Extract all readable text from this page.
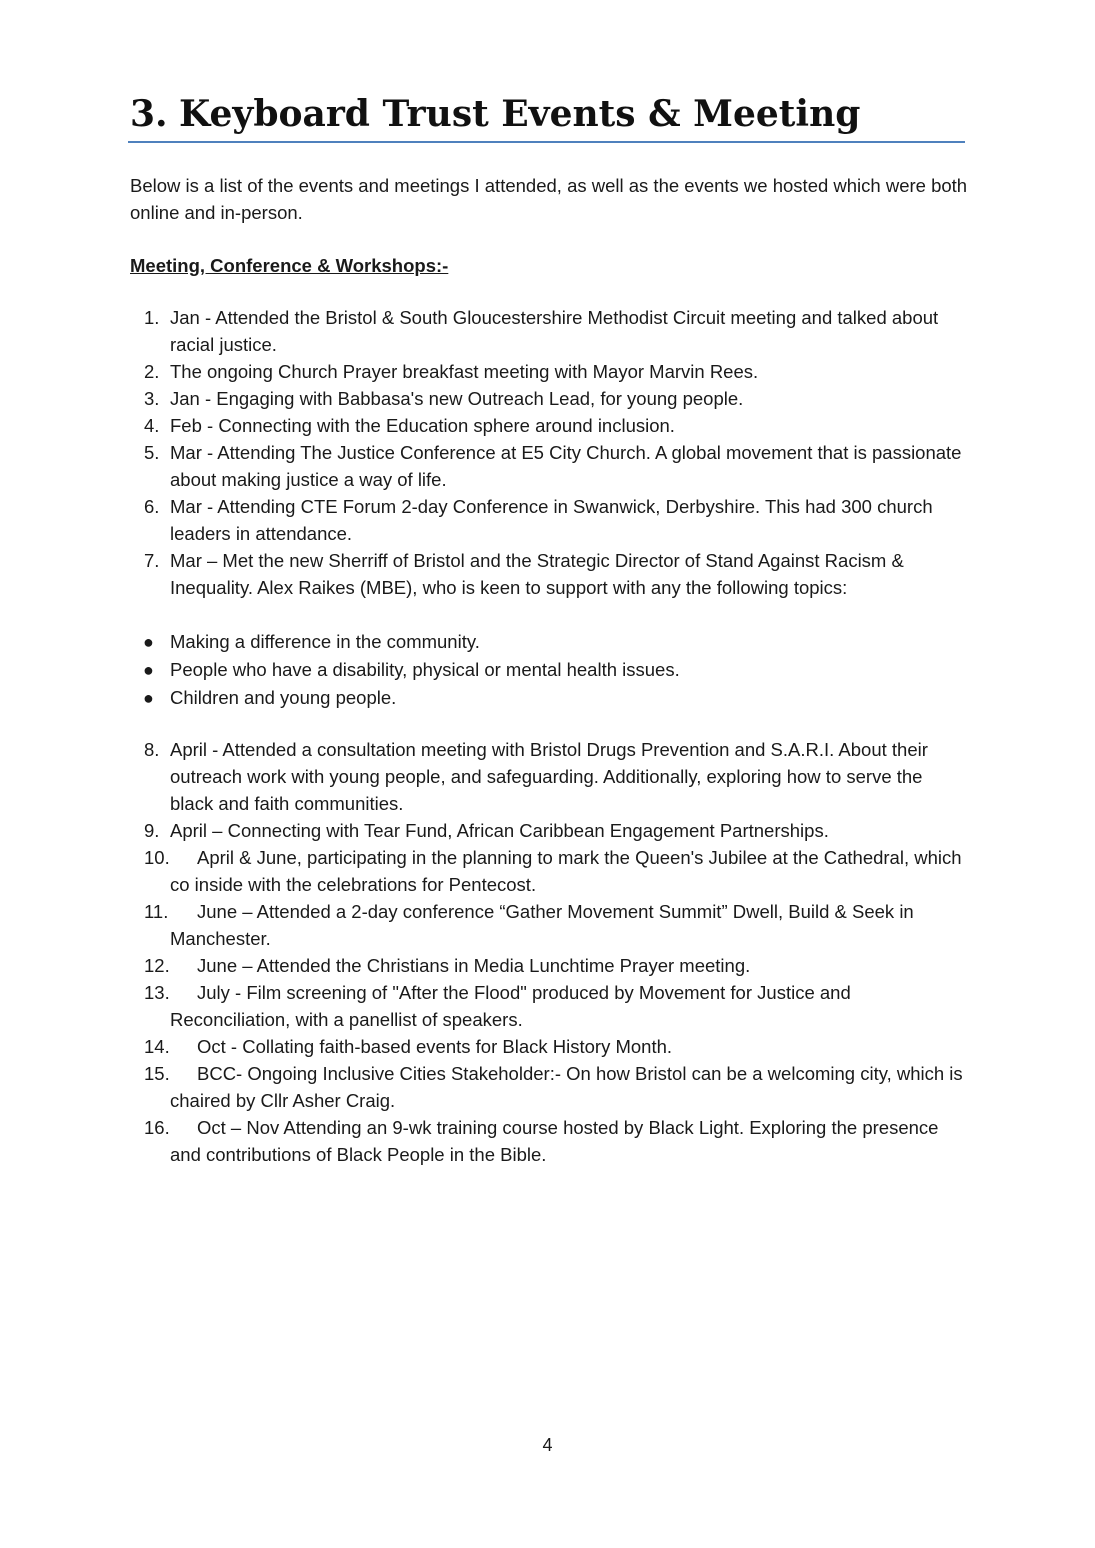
3. Keyboard Trust Events & Meeting

Below is a list of the events and meetings I attended, as well as the events we hosted which were both online and in-person.

Meeting, Conference & Workshops:-

1. Jan - Attended the Bristol & South Gloucestershire Methodist Circuit meeting and talked about racial justice.
2. The ongoing Church Prayer breakfast meeting with Mayor Marvin Rees.
3. Jan - Engaging with Babbasa's new Outreach Lead, for young people.
4. Feb - Connecting with the Education sphere around inclusion.
5. Mar - Attending The Justice Conference at E5 City Church. A global movement that is passionate about making justice a way of life.
6. Mar - Attending CTE Forum 2-day Conference in Swanwick, Derbyshire. This had 300 church leaders in attendance.
7. Mar – Met the new Sherriff of Bristol and the Strategic Director of Stand Against Racism & Inequality. Alex Raikes (MBE), who is keen to support with any the following topics:
● Making a difference in the community.
● People who have a disability, physical or mental health issues.
● Children and young people.
8. April - Attended a consultation meeting with Bristol Drugs Prevention and S.A.R.I. About their outreach work with young people, and safeguarding. Additionally, exploring how to serve the black and faith communities.
9. April – Connecting with Tear Fund, African Caribbean Engagement Partnerships.
10.	April & June, participating in the planning to mark the Queen's Jubilee at the Cathedral, which co inside with the celebrations for Pentecost.
11.	June – Attended a 2-day conference “Gather Movement Summit” Dwell, Build & Seek in Manchester.
12.	June – Attended the Christians in Media Lunchtime Prayer meeting.
13.	July - Film screening of "After the Flood" produced by Movement for Justice and Reconciliation, with a panellist of speakers.
14.	Oct - Collating faith-based events for Black History Month.
15.	BCC- Ongoing Inclusive Cities Stakeholder:- On how Bristol can be a welcoming city, which is chaired by Cllr Asher Craig.
16.	Oct – Nov Attending an 9-wk training course hosted by Black Light. Exploring the presence and contributions of Black People in the Bible.
4
